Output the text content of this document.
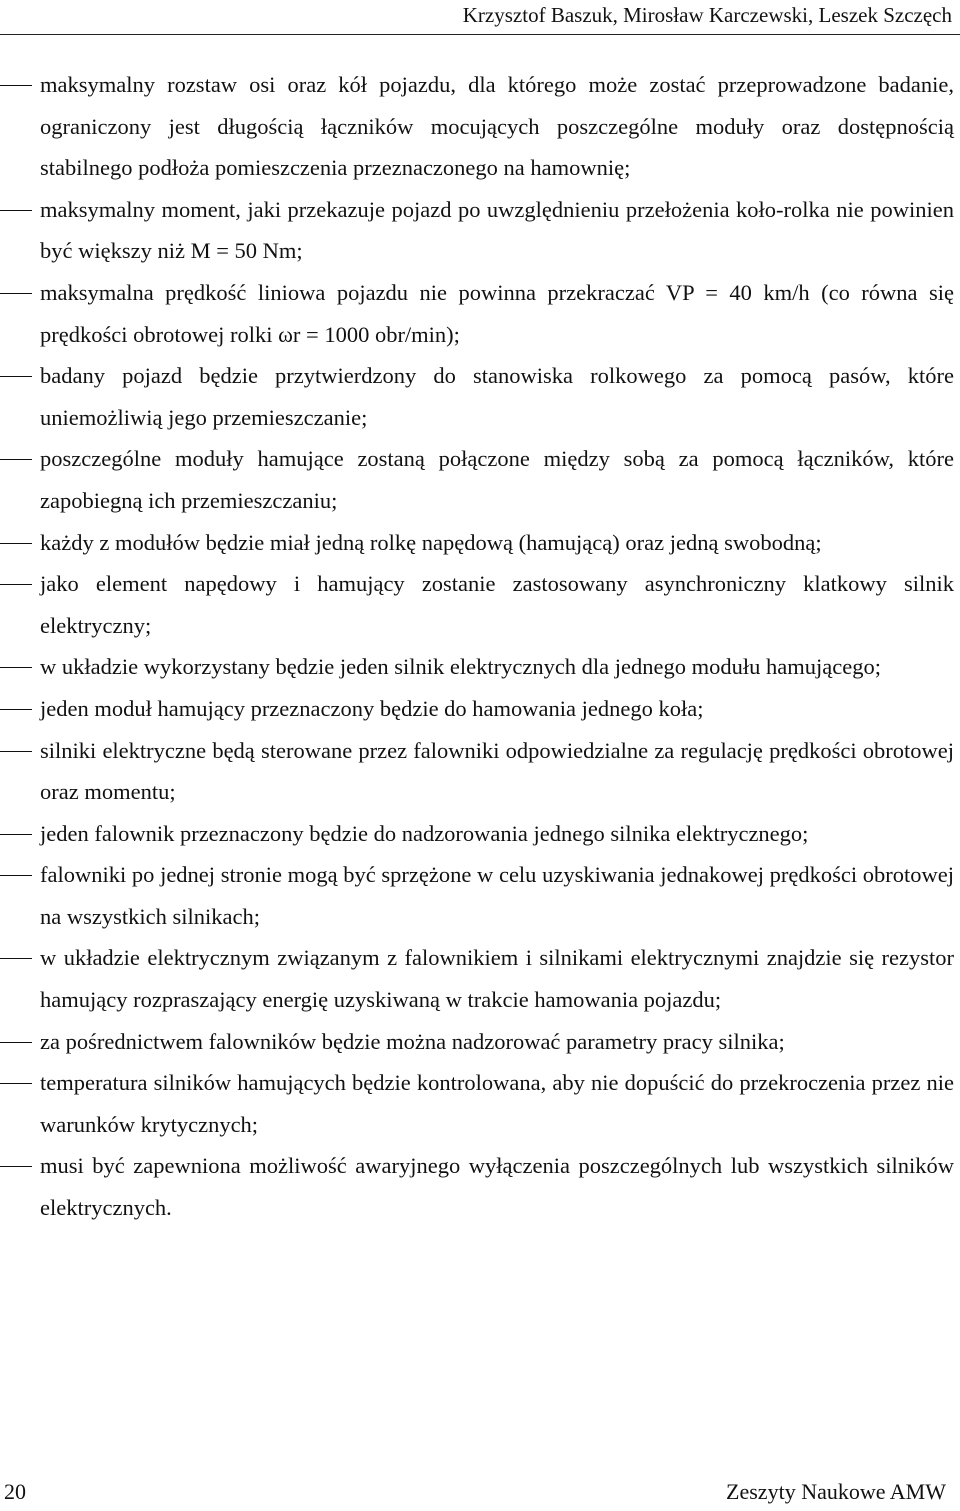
Krzysztof Baszuk, Mirosław Karczewski, Leszek Szczęch
maksymalny rozstaw osi oraz kół pojazdu, dla którego może zostać przeprowadzone badanie, ograniczony jest długością łączników mocujących poszczególne moduły oraz dostępnością stabilnego podłoża pomieszczenia przeznaczonego na hamownię;
maksymalny moment, jaki przekazuje pojazd po uwzględnieniu przełożenia koło-rolka nie powinien być większy niż M = 50 Nm;
maksymalna prędkość liniowa pojazdu nie powinna przekraczać VP = 40 km/h (co równa się prędkości obrotowej rolki ωr = 1000 obr/min);
badany pojazd będzie przytwierdzony do stanowiska rolkowego za pomocą pasów, które uniemożliwią jego przemieszczanie;
poszczególne moduły hamujące zostaną połączone między sobą za pomocą łączników, które zapobiegną ich przemieszczaniu;
każdy z modułów będzie miał jedną rolkę napędową (hamującą) oraz jedną swobodną;
jako element napędowy i hamujący zostanie zastosowany asynchroniczny klatkowy silnik elektryczny;
w układzie wykorzystany będzie jeden silnik elektrycznych dla jednego modułu hamującego;
jeden moduł hamujący przeznaczony będzie do hamowania jednego koła;
silniki elektryczne będą sterowane przez falowniki odpowiedzialne za regulację prędkości obrotowej oraz momentu;
jeden falownik przeznaczony będzie do nadzorowania jednego silnika elektrycznego;
falowniki po jednej stronie mogą być sprzężone w celu uzyskiwania jednakowej prędkości obrotowej na wszystkich silnikach;
w układzie elektrycznym związanym z falownikiem i silnikami elektrycznymi znajdzie się rezystor hamujący rozpraszający energię uzyskiwaną w trakcie hamowania pojazdu;
za pośrednictwem falowników będzie można nadzorować parametry pracy silnika;
temperatura silników hamujących będzie kontrolowana, aby nie dopuścić do przekroczenia przez nie warunków krytycznych;
musi być zapewniona możliwość awaryjnego wyłączenia poszczególnych lub wszystkich silników elektrycznych.
20	Zeszyty Naukowe AMW
